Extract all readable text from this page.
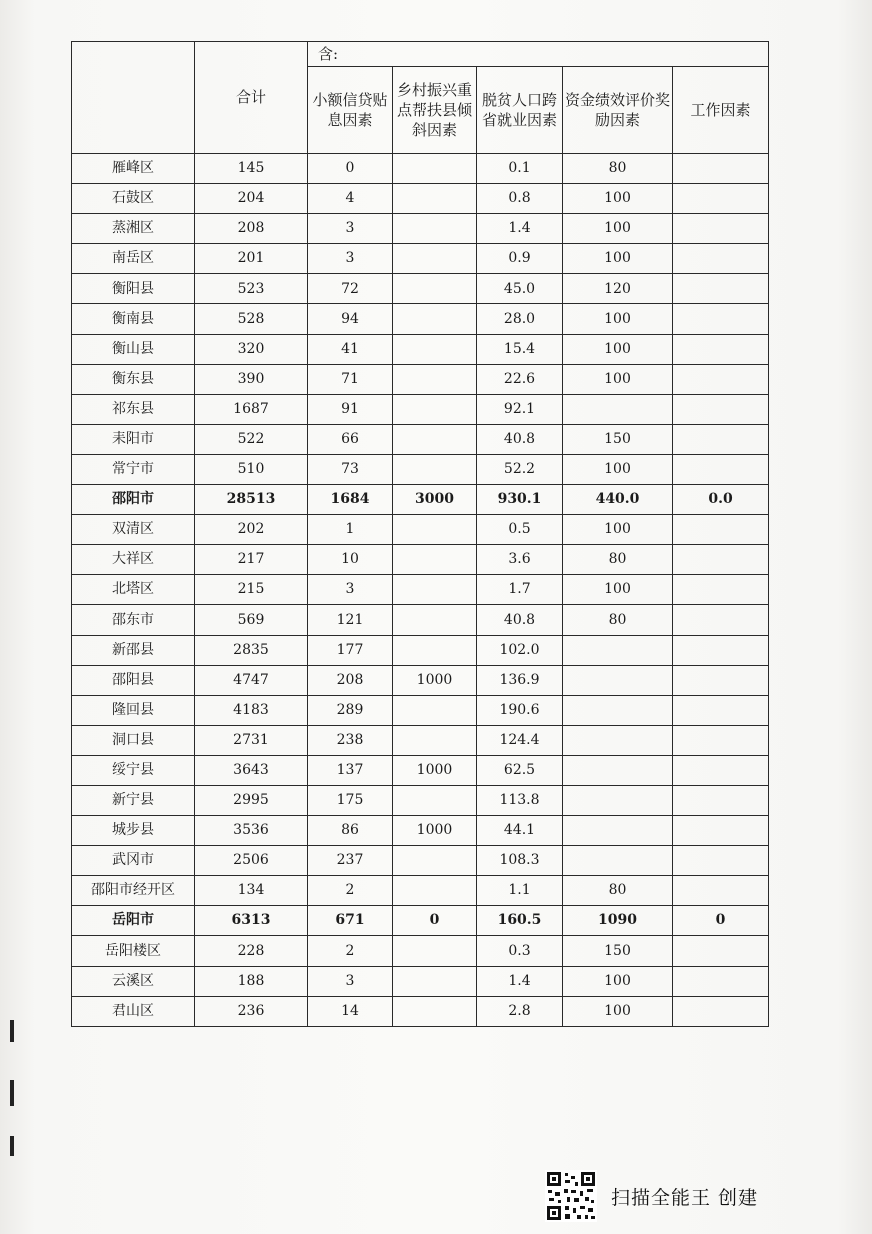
	合计	含:				
		小额信贷贴息因素	乡村振兴重点帮扶县倾斜因素	脱贫人口跨省就业因素	资金绩效评价奖励因素	工作因素
雁峰区	145	0		0.1	80	
石鼓区	204	4		0.8	100	
蒸湘区	208	3		1.4	100	
南岳区	201	3		0.9	100	
衡阳县	523	72		45.0	120	
衡南县	528	94		28.0	100	
衡山县	320	41		15.4	100	
衡东县	390	71		22.6	100	
祁东县	1687	91		92.1		
耒阳市	522	66		40.8	150	
常宁市	510	73		52.2	100	
邵阳市	28513	1684	3000	930.1	440.0	0.0
双清区	202	1		0.5	100	
大祥区	217	10		3.6	80	
北塔区	215	3		1.7	100	
邵东市	569	121		40.8	80	
新邵县	2835	177		102.0		
邵阳县	4747	208	1000	136.9		
隆回县	4183	289		190.6		
洞口县	2731	238		124.4		
绥宁县	3643	137	1000	62.5		
新宁县	2995	175		113.8		
城步县	3536	86	1000	44.1		
武冈市	2506	237		108.3		
邵阳市经开区	134	2		1.1	80	
岳阳市	6313	671	0	160.5	1090	0
岳阳楼区	228	2		0.3	150	
云溪区	188	3		1.4	100	
君山区	236	14		2.8	100	
扫描全能王 创建
